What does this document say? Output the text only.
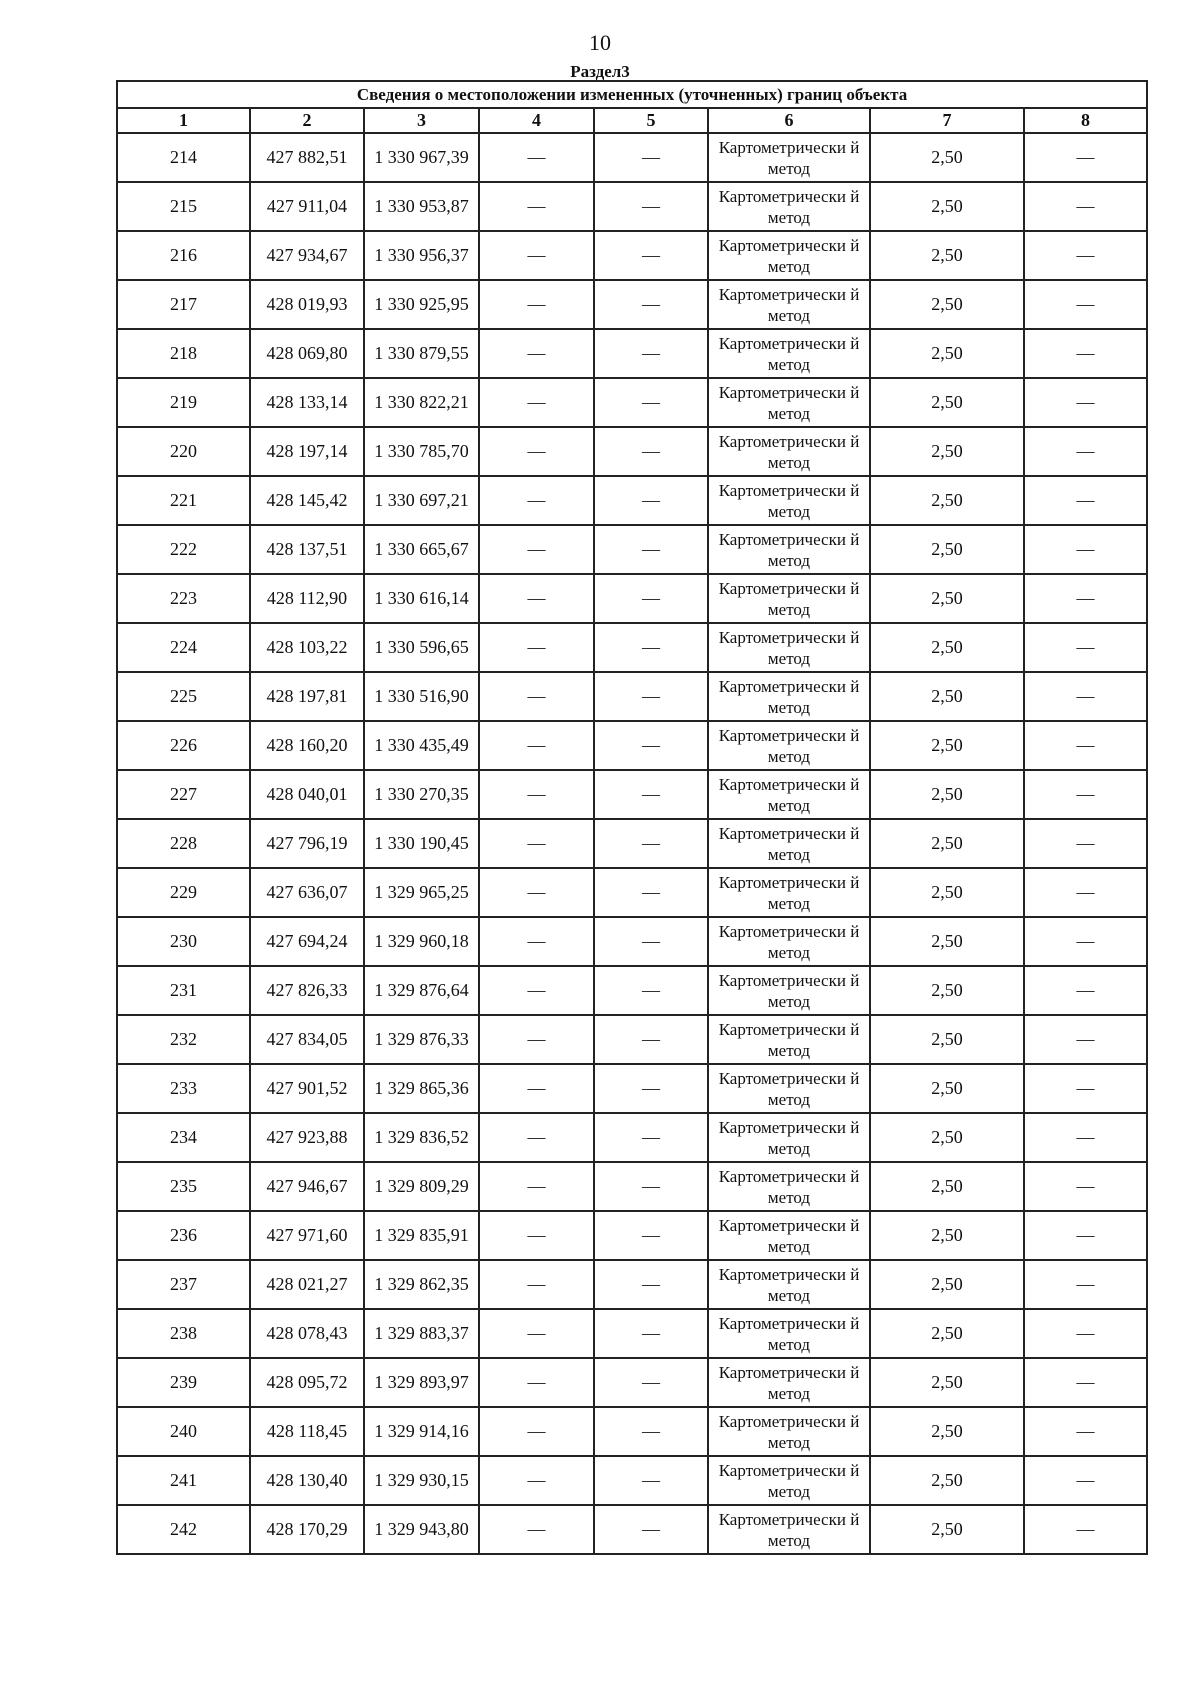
10
Раздел3
Сведения о местоположении измененных (уточненных) границ объекта							
1	2	3	4	5	6	7	8
214	427 882,51	1 330 967,39	—	—	Картометрически й метод	2,50	—
215	427 911,04	1 330 953,87	—	—	Картометрически й метод	2,50	—
216	427 934,67	1 330 956,37	—	—	Картометрически й метод	2,50	—
217	428 019,93	1 330 925,95	—	—	Картометрически й метод	2,50	—
218	428 069,80	1 330 879,55	—	—	Картометрически й метод	2,50	—
219	428 133,14	1 330 822,21	—	—	Картометрически й метод	2,50	—
220	428 197,14	1 330 785,70	—	—	Картометрически й метод	2,50	—
221	428 145,42	1 330 697,21	—	—	Картометрически й метод	2,50	—
222	428 137,51	1 330 665,67	—	—	Картометрически й метод	2,50	—
223	428 112,90	1 330 616,14	—	—	Картометрически й метод	2,50	—
224	428 103,22	1 330 596,65	—	—	Картометрически й метод	2,50	—
225	428 197,81	1 330 516,90	—	—	Картометрически й метод	2,50	—
226	428 160,20	1 330 435,49	—	—	Картометрически й метод	2,50	—
227	428 040,01	1 330 270,35	—	—	Картометрически й метод	2,50	—
228	427 796,19	1 330 190,45	—	—	Картометрически й метод	2,50	—
229	427 636,07	1 329 965,25	—	—	Картометрически й метод	2,50	—
230	427 694,24	1 329 960,18	—	—	Картометрически й метод	2,50	—
231	427 826,33	1 329 876,64	—	—	Картометрически й метод	2,50	—
232	427 834,05	1 329 876,33	—	—	Картометрически й метод	2,50	—
233	427 901,52	1 329 865,36	—	—	Картометрически й метод	2,50	—
234	427 923,88	1 329 836,52	—	—	Картометрически й метод	2,50	—
235	427 946,67	1 329 809,29	—	—	Картометрически й метод	2,50	—
236	427 971,60	1 329 835,91	—	—	Картометрически й метод	2,50	—
237	428 021,27	1 329 862,35	—	—	Картометрически й метод	2,50	—
238	428 078,43	1 329 883,37	—	—	Картометрически й метод	2,50	—
239	428 095,72	1 329 893,97	—	—	Картометрически й метод	2,50	—
240	428 118,45	1 329 914,16	—	—	Картометрически й метод	2,50	—
241	428 130,40	1 329 930,15	—	—	Картометрически й метод	2,50	—
242	428 170,29	1 329 943,80	—	—	Картометрически й метод	2,50	—
